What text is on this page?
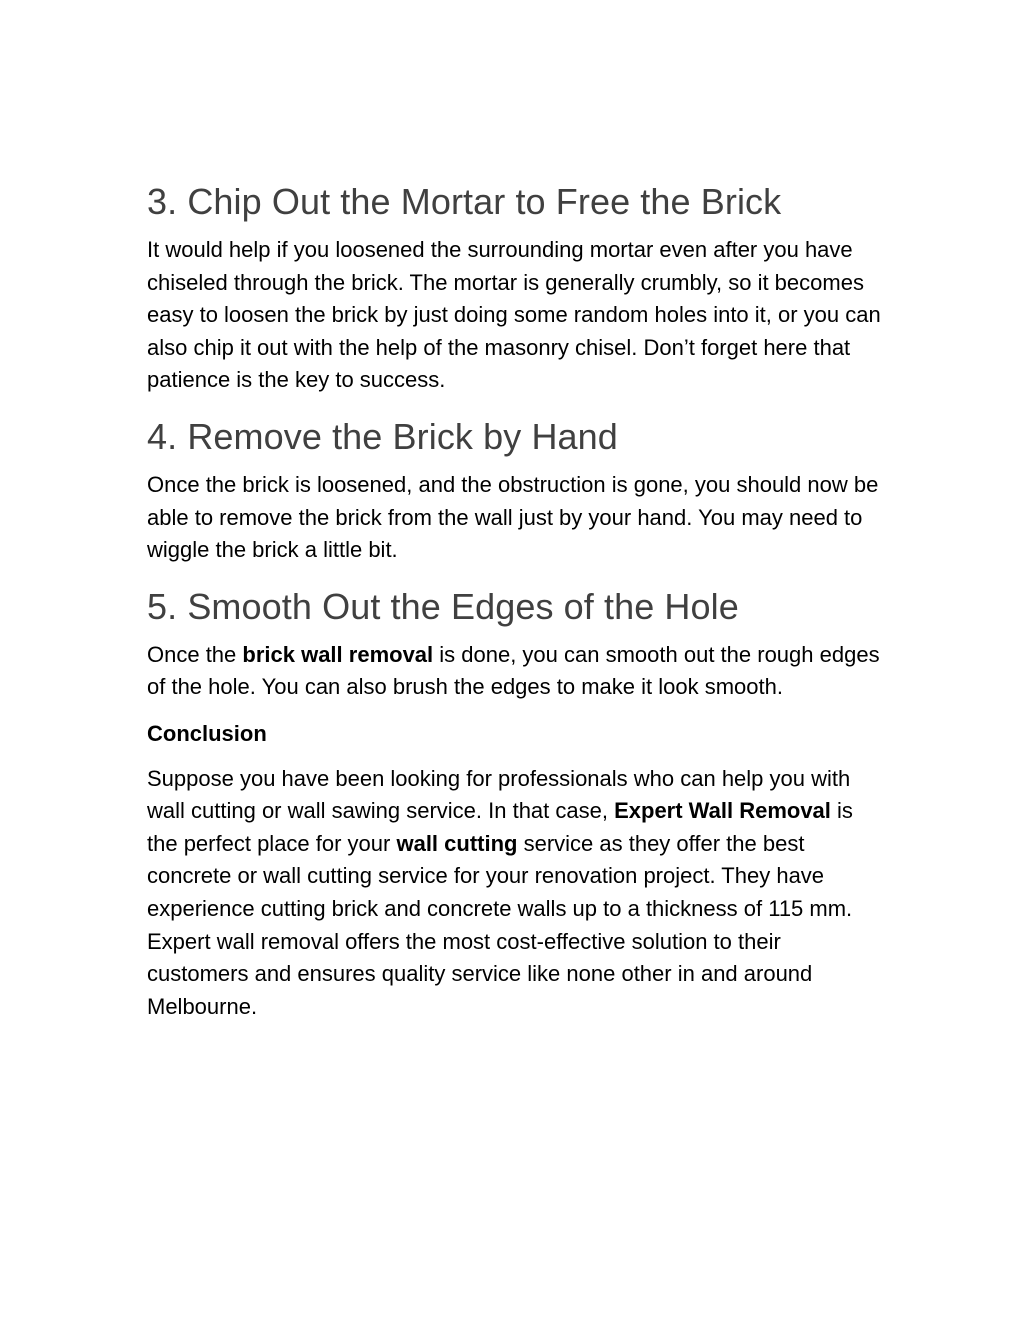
3. Chip Out the Mortar to Free the Brick

It would help if you loosened the surrounding mortar even after you have chiseled through the brick. The mortar is generally crumbly, so it becomes easy to loosen the brick by just doing some random holes into it, or you can also chip it out with the help of the masonry chisel. Don’t forget here that patience is the key to success.

4. Remove the Brick by Hand

Once the brick is loosened, and the obstruction is gone, you should now be able to remove the brick from the wall just by your hand. You may need to wiggle the brick a little bit.

5. Smooth Out the Edges of the Hole

Once the brick wall removal is done, you can smooth out the rough edges of the hole. You can also brush the edges to make it look smooth.

Conclusion

Suppose you have been looking for professionals who can help you with wall cutting or wall sawing service. In that case, Expert Wall Removal is the perfect place for your wall cutting service as they offer the best concrete or wall cutting service for your renovation project. They have experience cutting brick and concrete walls up to a thickness of 115 mm. Expert wall removal offers the most cost-effective solution to their customers and ensures quality service like none other in and around Melbourne.
